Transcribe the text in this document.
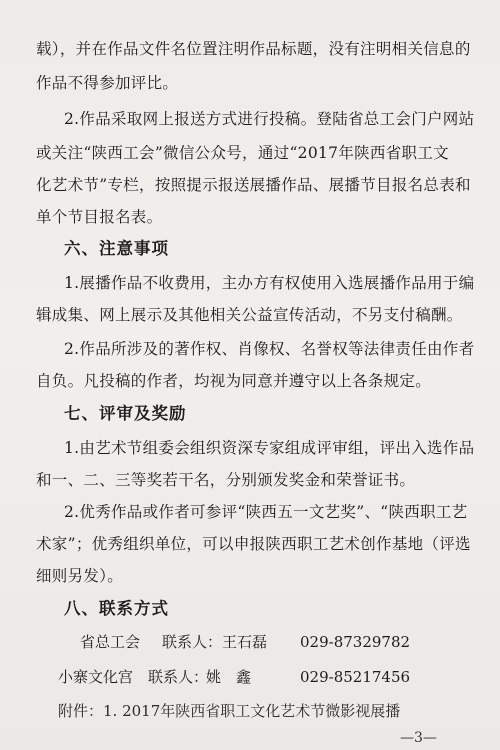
载），并在作品文件名位置注明作品标题，没有注明相关信息的
作品不得参加评比。
2.作品采取网上报送方式进行投稿。登陆省总工会门户网站
或关注“陕西工会”微信公众号，通过“2017年陕西省职工文
化艺术节”专栏，按照提示报送展播作品、展播节目报名总表和
单个节目报名表。
六、注意事项
1.展播作品不收费用，主办方有权使用入选展播作品用于编
辑成集、网上展示及其他相关公益宣传活动，不另支付稿酬。
2.作品所涉及的著作权、肖像权、名誉权等法律责任由作者
自负。凡投稿的作者，均视为同意并遵守以上各条规定。
七、评审及奖励
1.由艺术节组委会组织资深专家组成评审组，评出入选作品
和一、二、三等奖若干名，分别颁发奖金和荣誉证书。
2.优秀作品或作者可参评“陕西五一文艺奖”、“陕西职工艺
术家”；优秀组织单位，可以申报陕西职工艺术创作基地（评选
细则另发）。
八、联系方式
省总工会 联系人： 王石磊 029-87329782
小寨文化宫 联系人：
姚　鑫	029-85217456
附件：1. 2017年陕西省职工文化艺术节微影视展播
—3—
